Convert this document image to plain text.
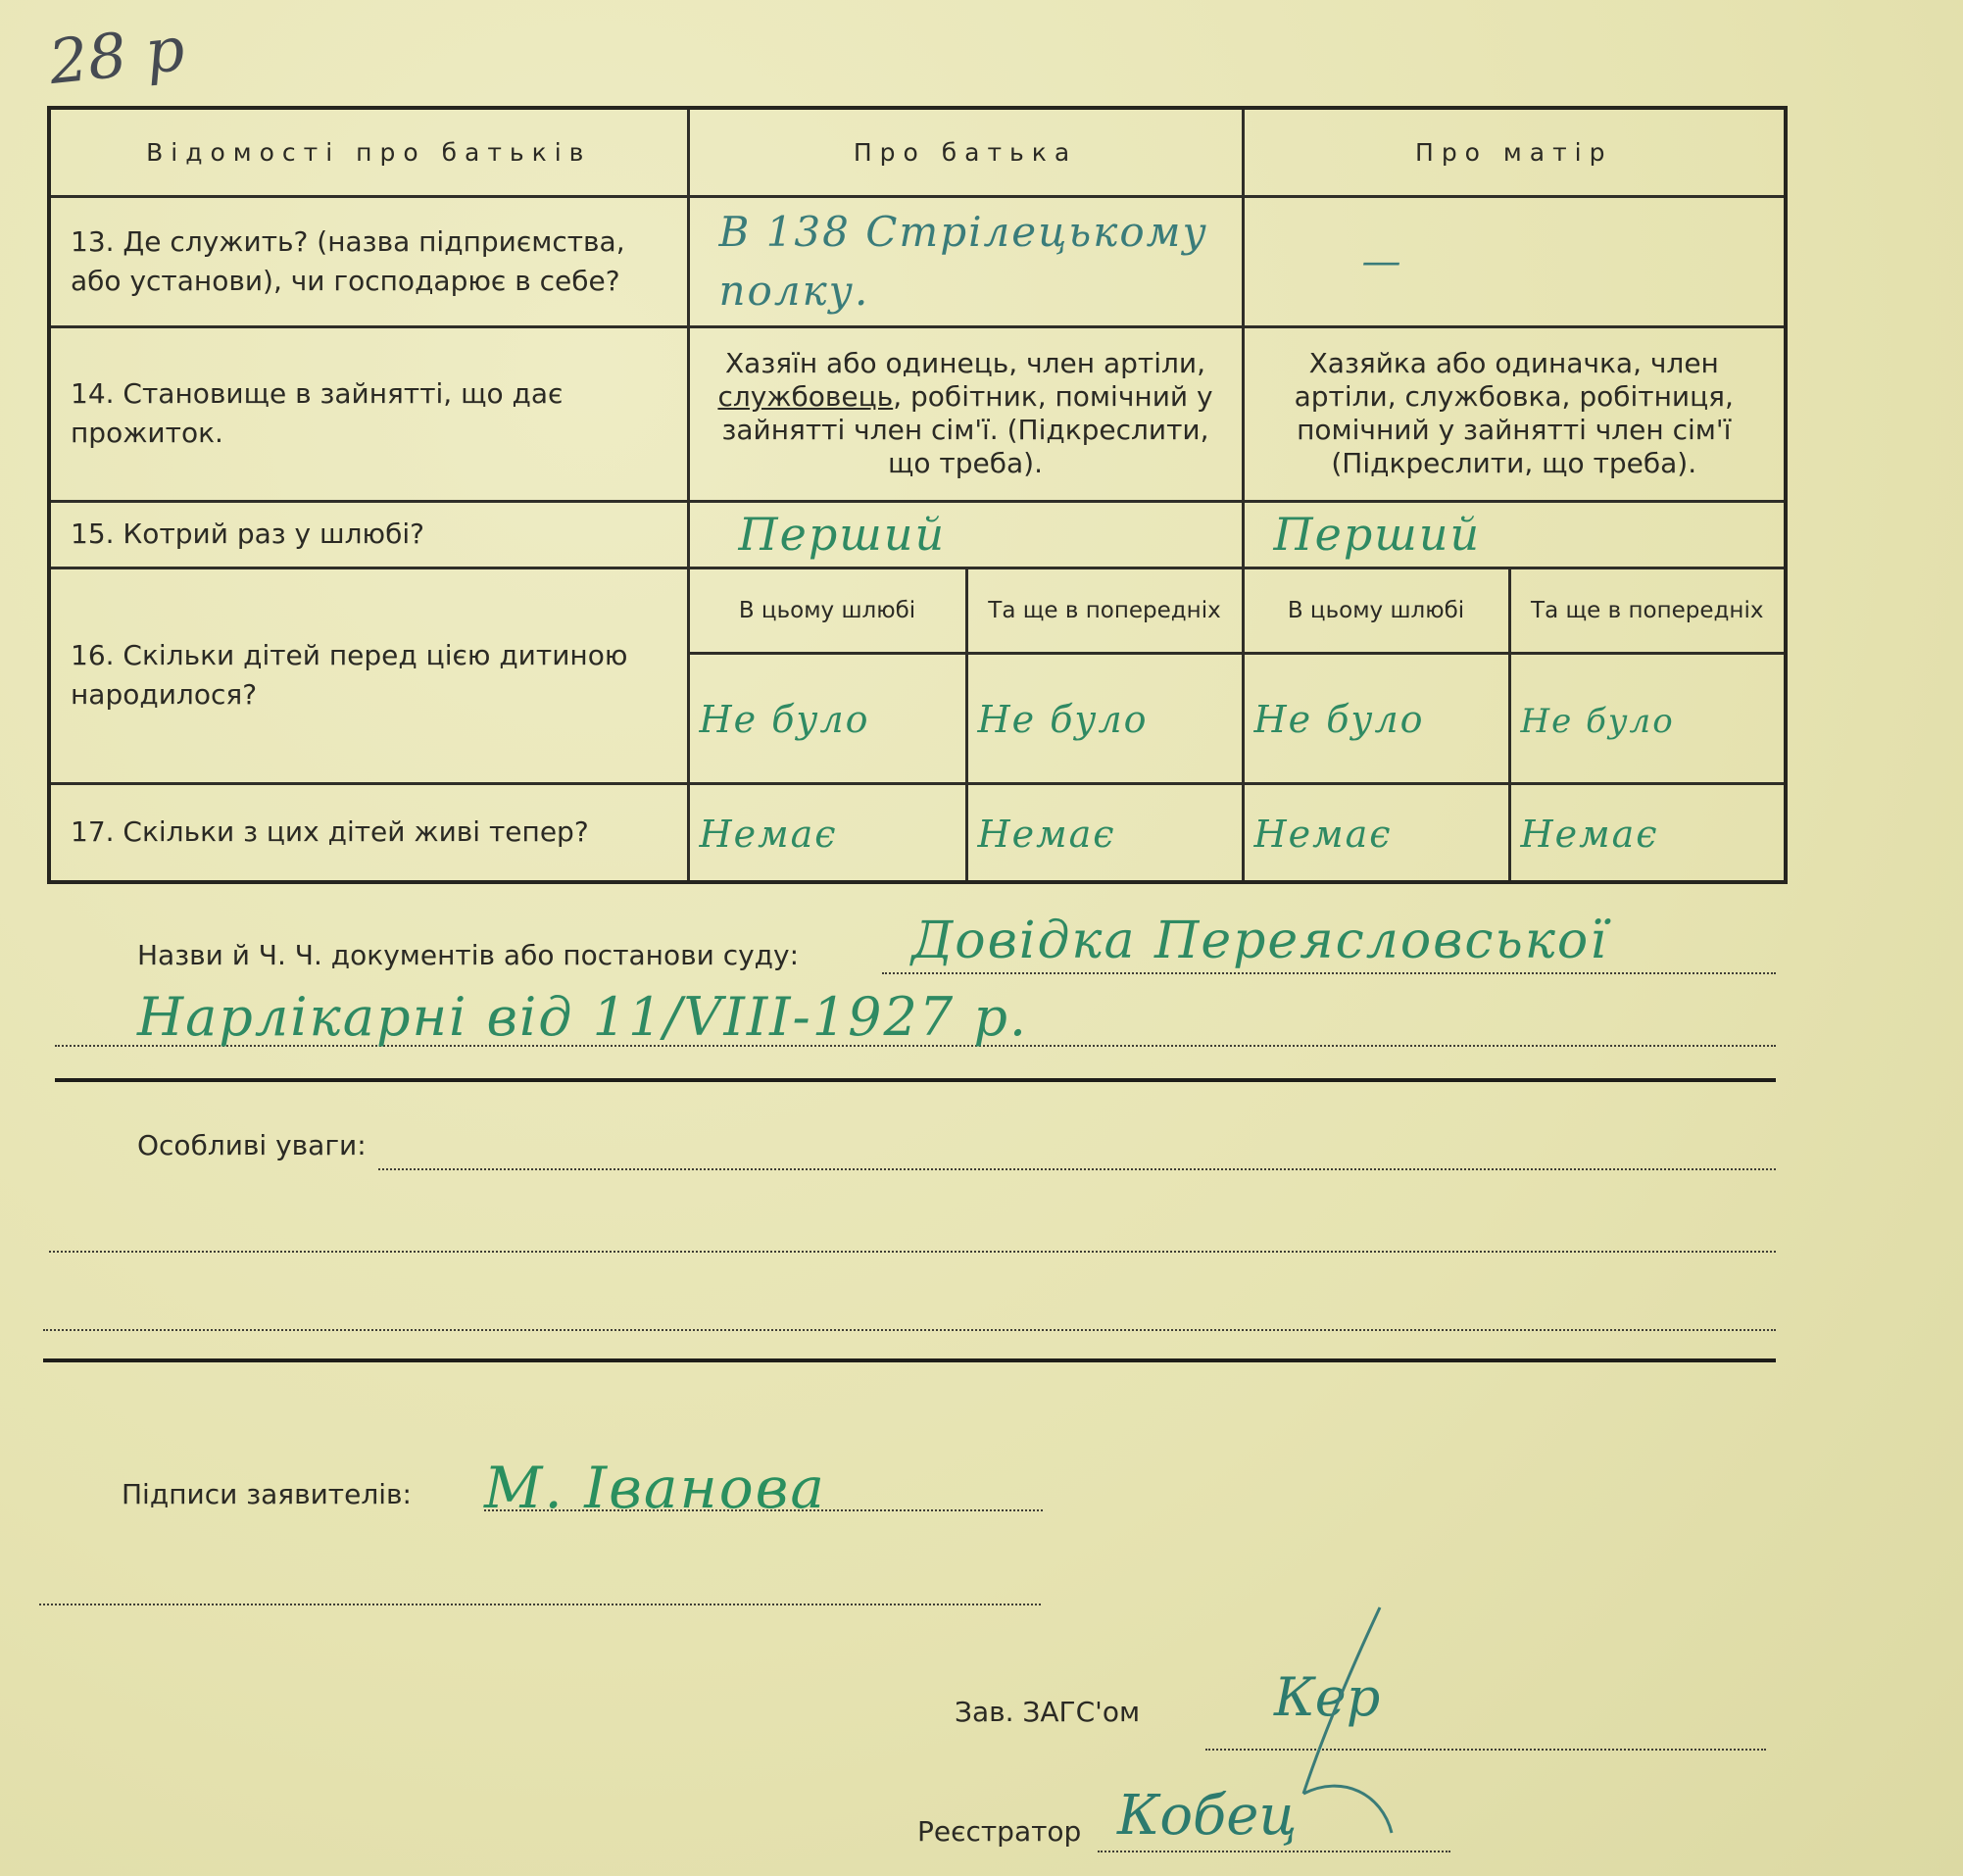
28 р
Відомості про батьків	Про батька		Про матір	
13. Де служить? (назва підприємства, або установи), чи господарює в себе?	В 138 Стрілецькому полку.		—	

14. Становище в зайнятті, що дає прожиток.	Хазяїн або одинець, член артіли, службовець, робітник, помічний у зайнятті член сім'ї. (Підкреслити, що треба).		Хазяйка або одиначка, член артіли, службовка, робітниця, помічний у зайнятті член сім'ї (Підкреслити, що треба).	
15. Котрий раз у шлюбі?	Перший		Перший	
16. Скільки дітей перед цією дитиною народилося?	В цьому шлюбі	Та ще в попередніх	В цьому шлюбі	Та ще в попередніх
	Не було	Не було	Не було	Не було
17. Скільки з цих дітей живі тепер?	Немає	Немає	Немає	Немає
Назви й Ч. Ч. документів або постанови суду: Довідка Переясловської
Нарлікарні від 11/VIII-1927 р.
Особливі уваги:
Підписи заявителів: М. Іванова
Зав. ЗАГС'ом	Кер
Реєстратор Кобец
